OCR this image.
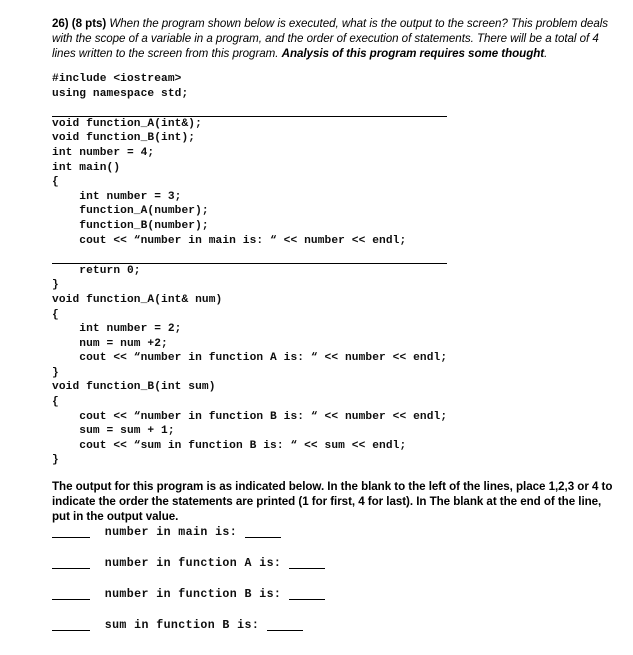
26) (8 pts) When the program shown below is executed, what is the output to the screen? This problem deals with the scope of a variable in a program, and the order of execution of statements. There will be a total of 4 lines written to the screen from this program. Analysis of this program requires some thought.

#include <iostream>
using namespace std;

void function_A(int&);
void function_B(int);
int number = 4;
int main()
{
int number = 3;
function_A(number);
function_B(number);
cout << “number in main is: “ << number << endl;

return 0;
}
void function_A(int& num)
{
int number = 2;
num = num +2;
cout << “number in function A is: “ << number << endl;
}
void function_B(int sum)
{
cout << “number in function B is: “ << number << endl;
sum = sum + 1;
cout << “sum in function B is: “ << sum << endl;
}

The output for this program is as indicated below. In the blank to the left of the lines, place 1,2,3 or 4 to indicate the order the statements are printed (1 for first, 4 for last). In The blank at the end of the line, put in the output value.

number in main is:
number in function A is:
number in function B is:
sum in function B is:
